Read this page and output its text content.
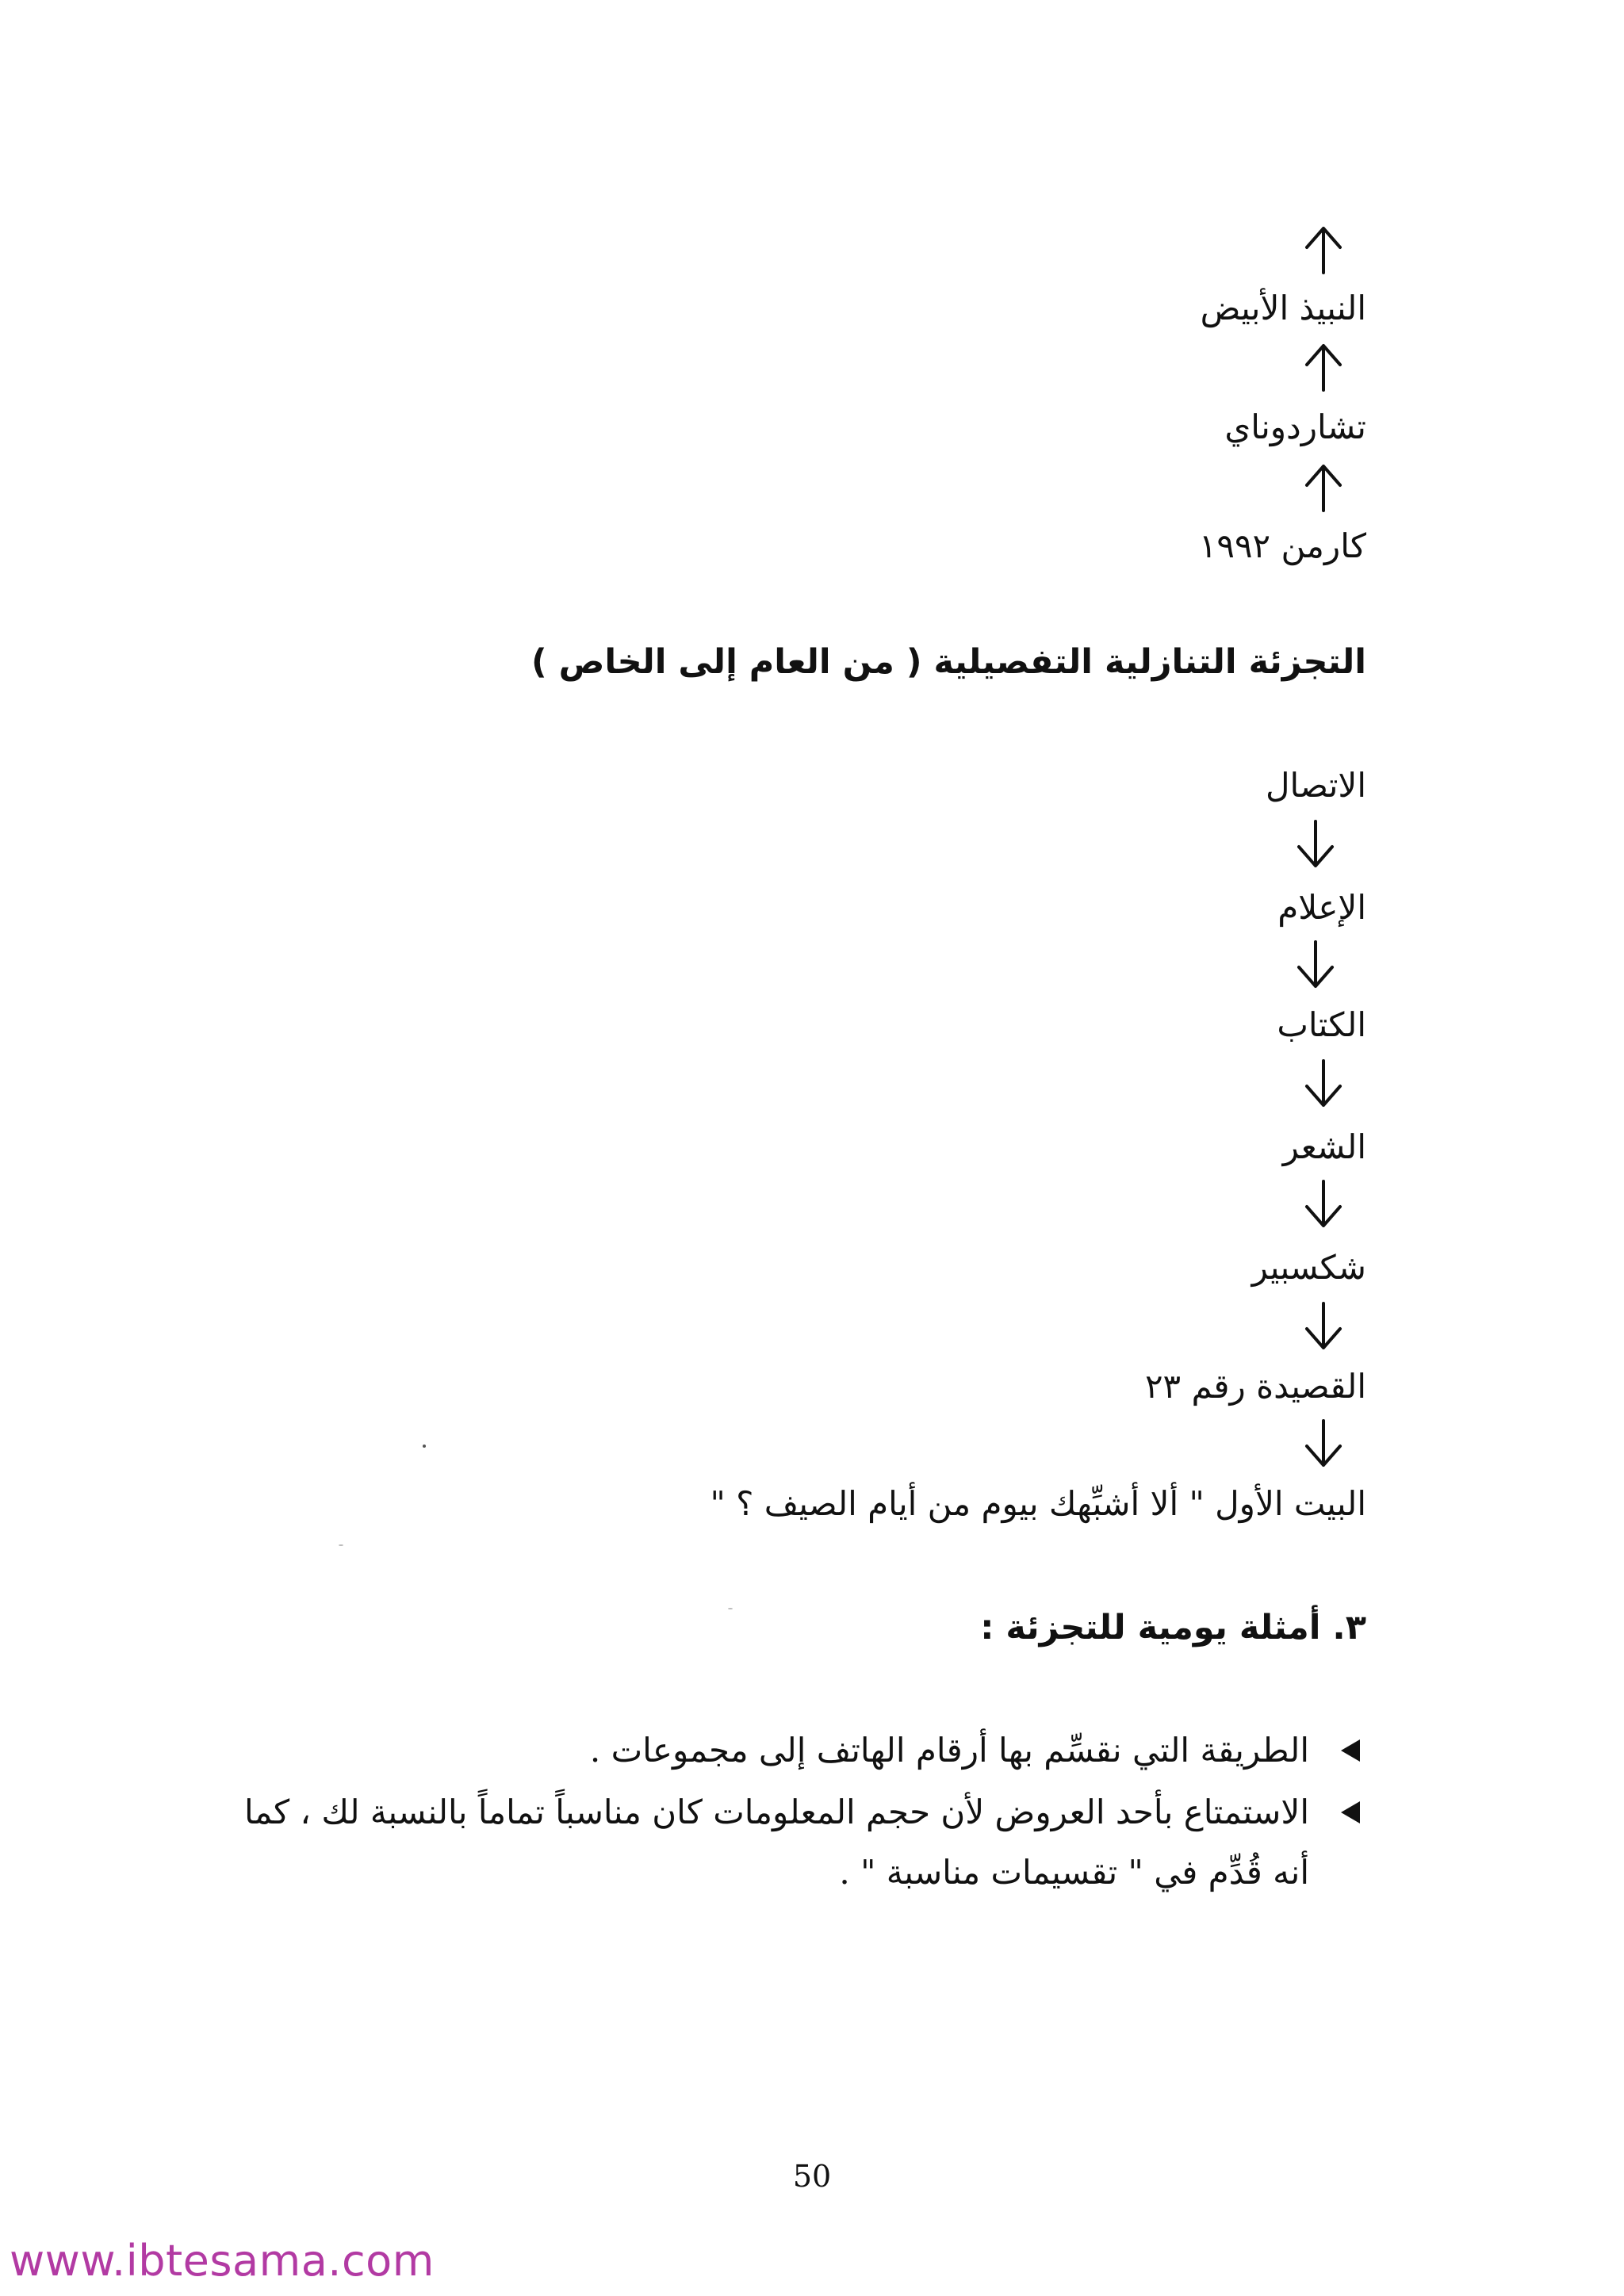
النبيذ الأبيض
تشاردوناي
كارمن ١٩٩٢
التجزئة التنازلية التفصيلية ( من العام إلى الخاص )
الاتصال
الإعلام
الكتاب
الشعر
شكسبير
القصيدة رقم ٢٣
البيت الأول " ألا أشبِّهك بيوم من أيام الصيف ؟ "
٣. أمثلة يومية للتجزئة :
الطريقة التي نقسِّم بها أرقام الهاتف إلى مجموعات .
الاستمتاع بأحد العروض لأن حجم المعلومات كان مناسباً تماماً بالنسبة لك ، كما أنه قُدِّم في " تقسيمات مناسبة " .
50
www.ibtesama.com
